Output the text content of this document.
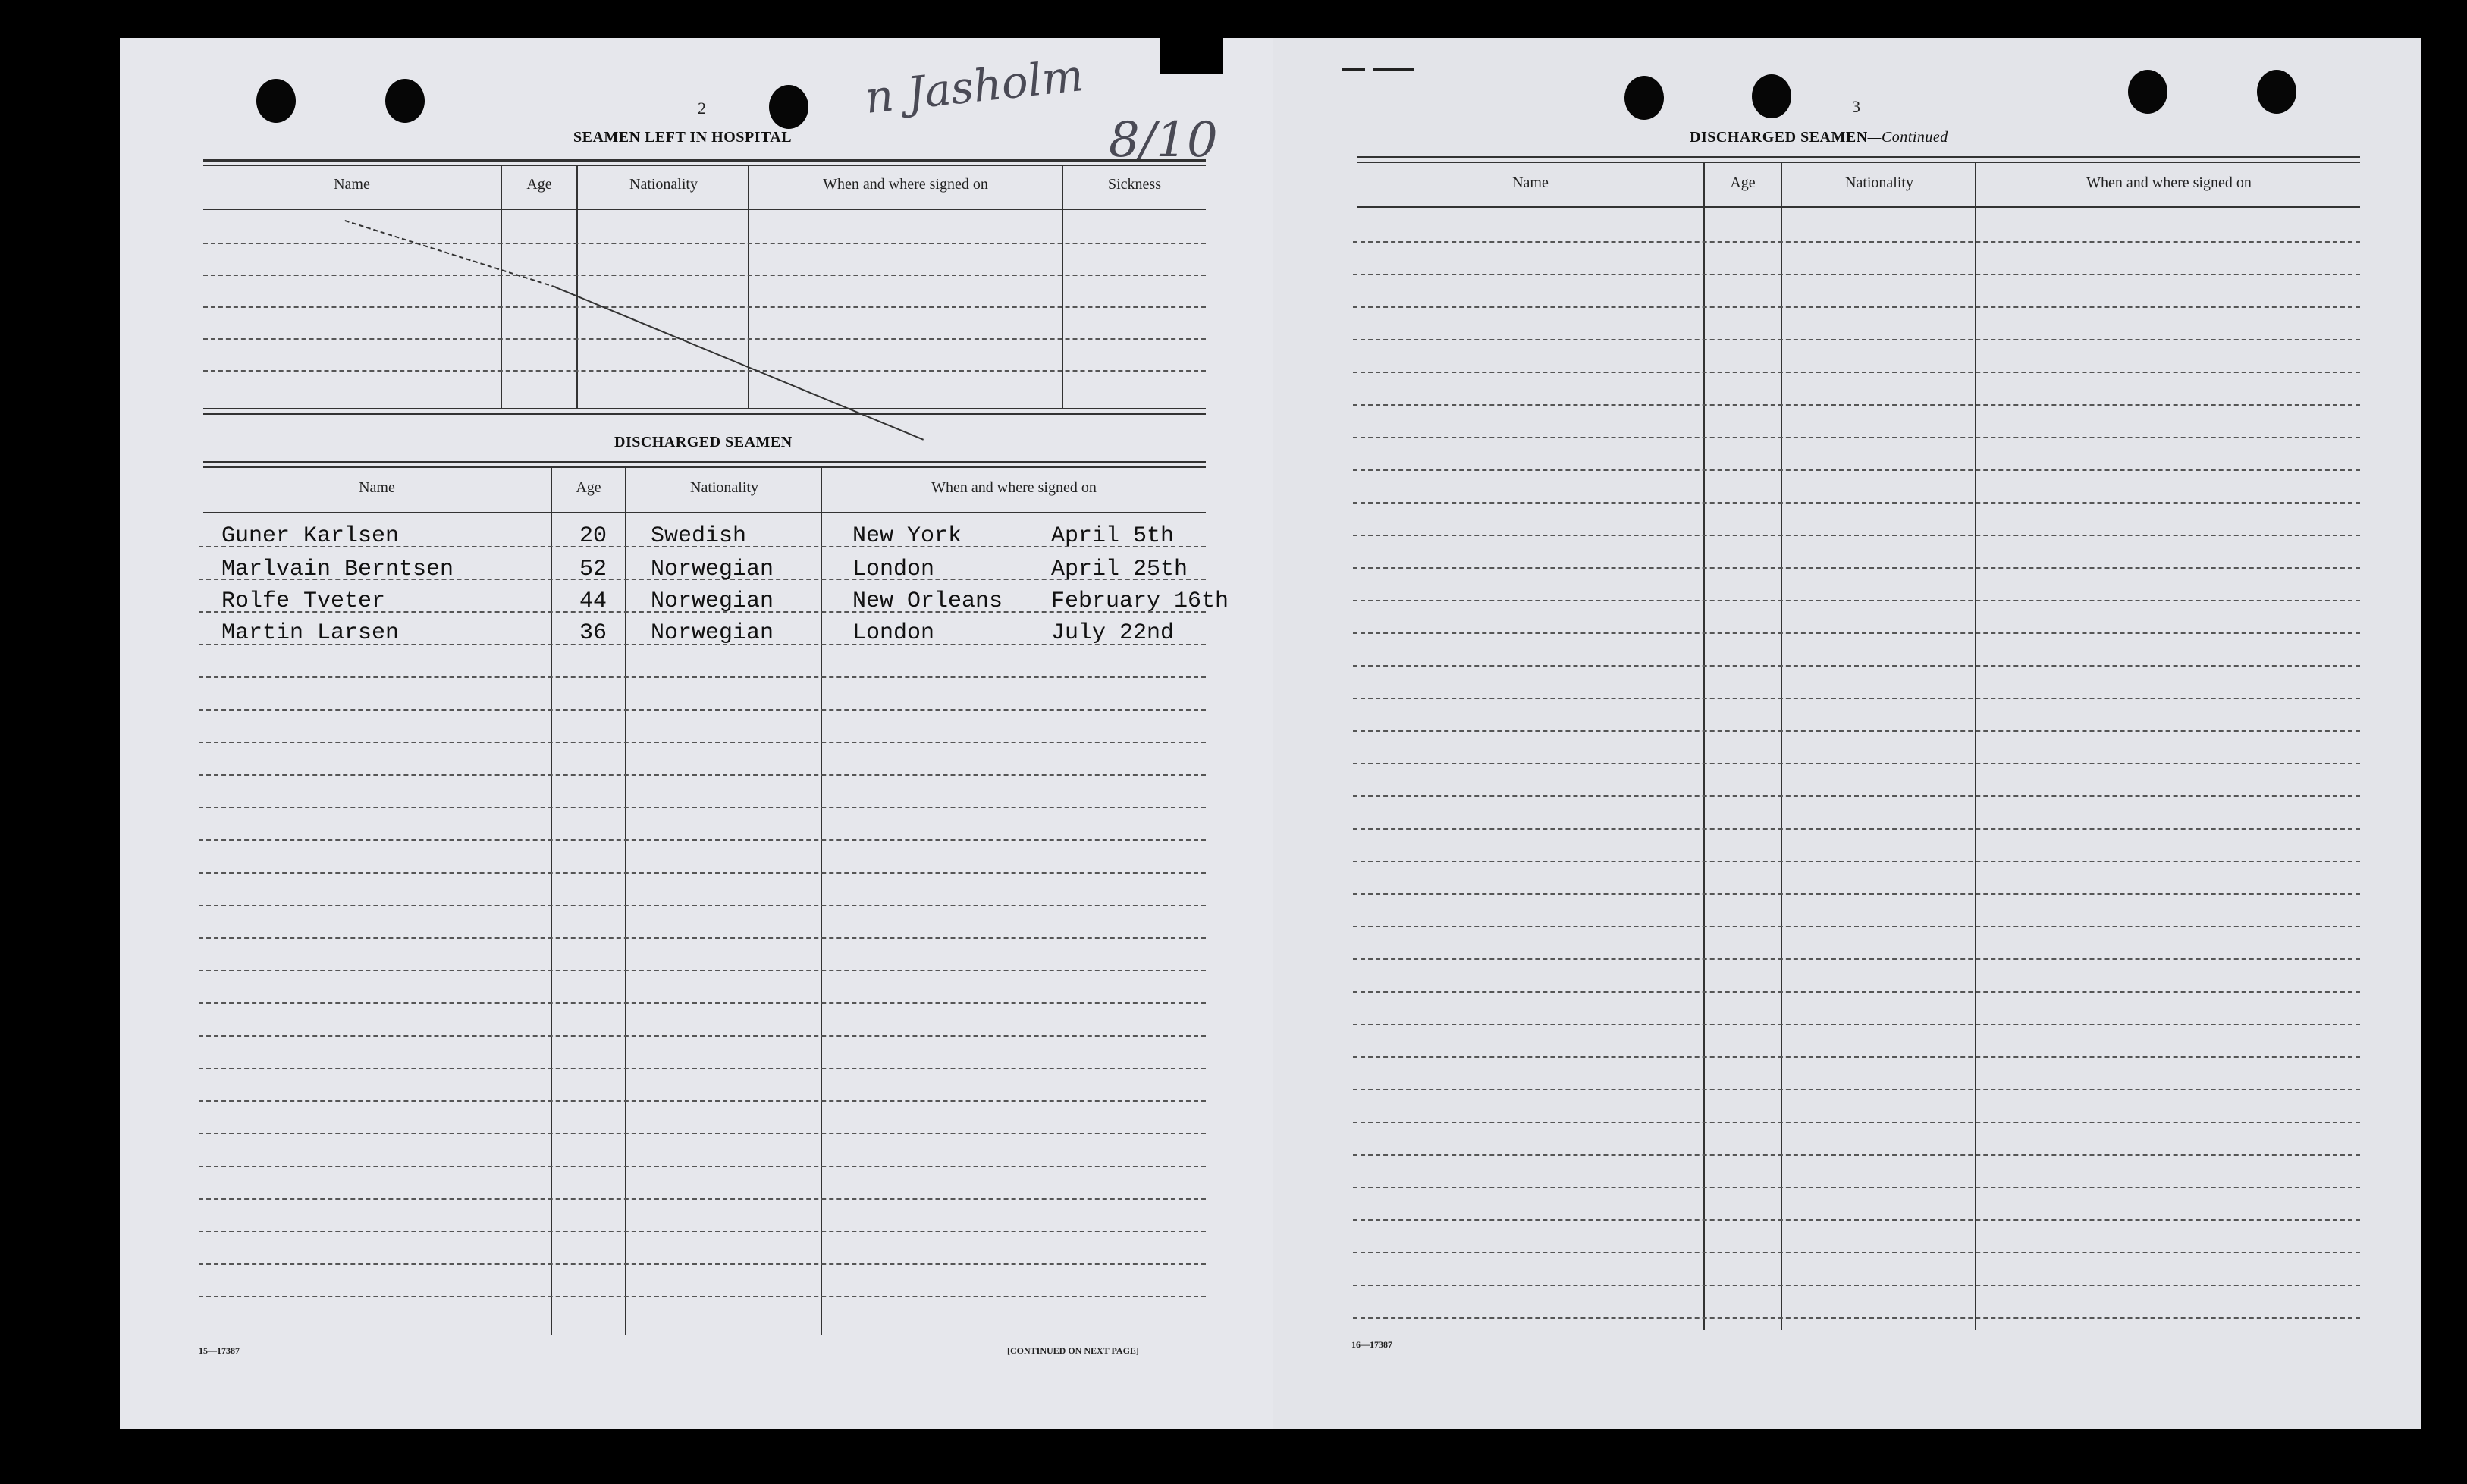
2
SEAMEN LEFT IN HOSPITAL
n Jasholm
8/10
Name	Age	Nationality	When and where signed on	Sickness
DISCHARGED SEAMEN
Name	Age	Nationality	When and where signed on
Guner Karlsen	20 Swedish	New York	April 5th
Marlvain Berntsen	52 Norwegian	London	April 25th
Rolfe Tveter	44 Norwegian	New Orleans February 16th
Martin Larsen	36 Norwegian	London	July 22nd
15—17387	[CONTINUED ON NEXT PAGE]
3
DISCHARGED SEAMEN—Continued
Name	Age	Nationality	When and where signed on
16—17387
